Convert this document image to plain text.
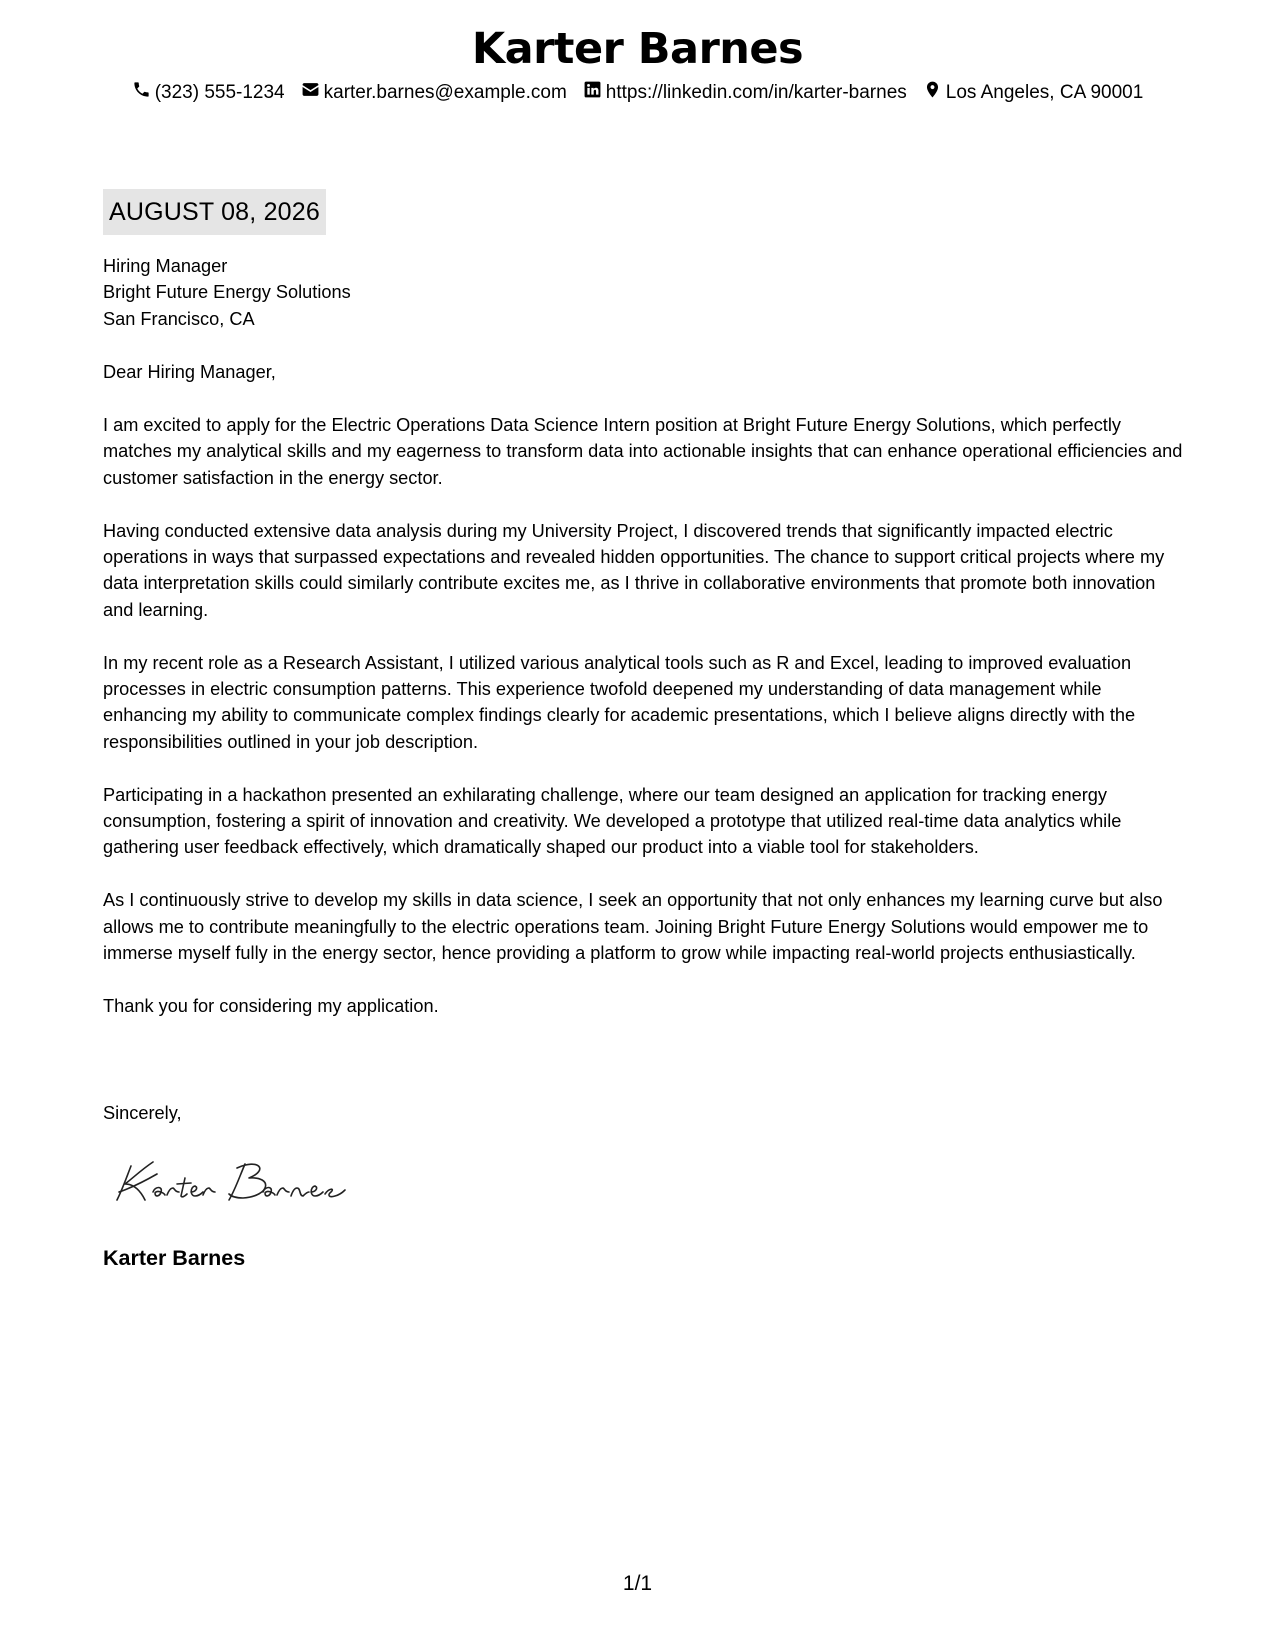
Karter Barnes
(323) 555-1234 karter.barnes@example.com https://linkedin.com/in/karter-barnes Los Angeles, CA 90001
AUGUST 08, 2026

Hiring Manager

Bright Future Energy Solutions

San Francisco, CA

Dear Hiring Manager,

I am excited to apply for the Electric Operations Data Science Intern position at Bright Future Energy Solutions, which perfectly matches my analytical skills and my eagerness to transform data into actionable insights that can enhance operational efficiencies and customer satisfaction in the energy sector.

Having conducted extensive data analysis during my University Project, I discovered trends that significantly impacted electric operations in ways that surpassed expectations and revealed hidden opportunities. The chance to support critical projects where my data interpretation skills could similarly contribute excites me, as I thrive in collaborative environments that promote both innovation and learning.

In my recent role as a Research Assistant, I utilized various analytical tools such as R and Excel, leading to improved evaluation processes in electric consumption patterns. This experience twofold deepened my understanding of data management while enhancing my ability to communicate complex findings clearly for academic presentations, which I believe aligns directly with the responsibilities outlined in your job description.

Participating in a hackathon presented an exhilarating challenge, where our team designed an application for tracking energy consumption, fostering a spirit of innovation and creativity. We developed a prototype that utilized real-time data analytics while gathering user feedback effectively, which dramatically shaped our product into a viable tool for stakeholders.

As I continuously strive to develop my skills in data science, I seek an opportunity that not only enhances my learning curve but also allows me to contribute meaningfully to the electric operations team. Joining Bright Future Energy Solutions would empower me to immerse myself fully in the energy sector, hence providing a platform to grow while impacting real-world projects enthusiastically.

Thank you for considering my application.

Sincerely,
Karter Barnes
1/1
